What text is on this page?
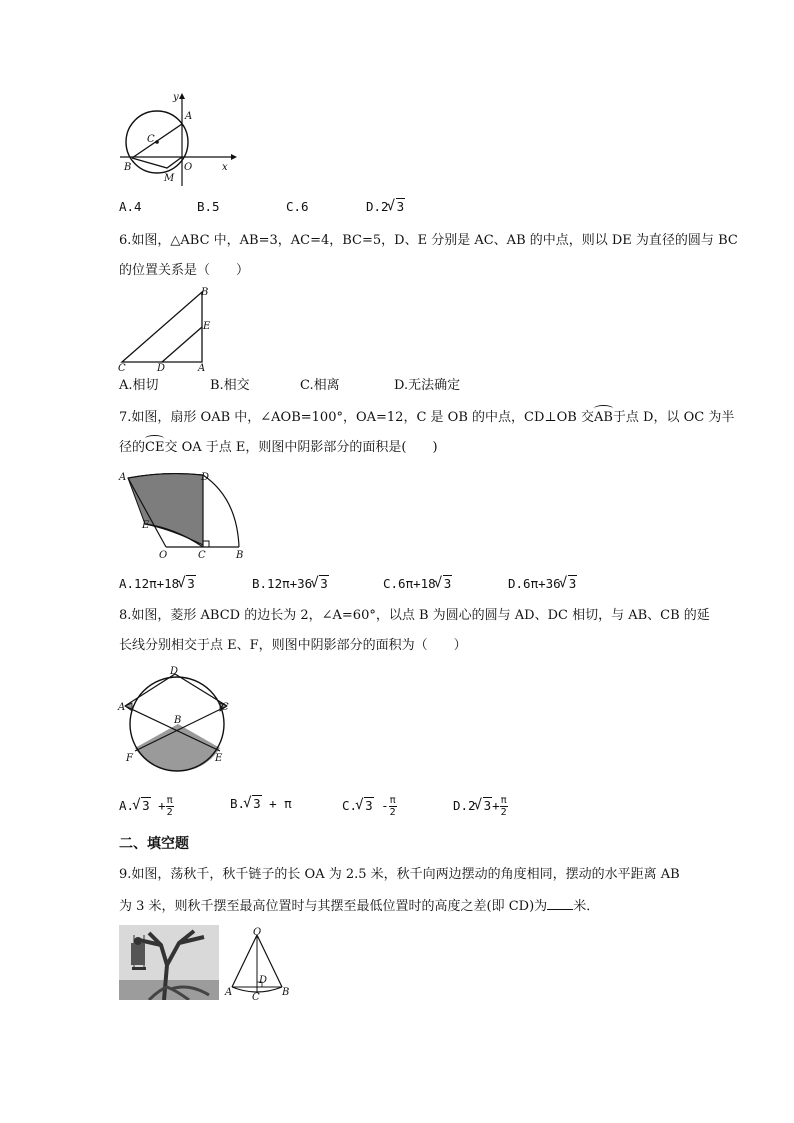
y
A
C
B	O
M
x
A.4	B.5	C.6	D.2 √ 3
6.如图，△ABC 中，AB=3，AC=4，BC=5，D、E 分别是 AC、AB 的中点，则以 DE 为直径的圆与 BC
的位置关系是（　　）
B
E
C	D	A
A.相切	B.相交	C.相离	D.无法确定
7.如图，扇形 OAB 中，∠AOB=100°，OA=12，C 是 OB 的中点，CD⊥OB 交AB于点 D，以 OC 为半
径的CE交 OA 于点 E，则图中阴影部分的面积是(　　)
A	D
E
O	C	B
A.12π+18 √ 3	B.12π+36 √ 3	C.6π+18 √ 3	D.6π+36 √ 3
8.如图，菱形 ABCD 的边长为 2，∠A=60°，以点 B 为圆心的圆与 AD、DC 相切，与 AB、CB 的延
长线分别相交于点 E、F，则图中阴影部分的面积为（　　）
D
A	C
B
F	E
A. √ $3 + \frac{\pi}{2}$	B. √ 3 + π	C. √ $3 - \frac{\pi}{2}$	D.2 √ $3+ \frac{\pi}{2}$
二、填空题
9.如图，荡秋千，秋千链子的长 OA 为 2.5 米，秋千向两边摆动的角度相同，摆动的水平距离 AB
为 3 米，则秋千摆至最高位置时与其摆至最低位置时的高度之差(即 CD)为 米．
O
D
A C B
